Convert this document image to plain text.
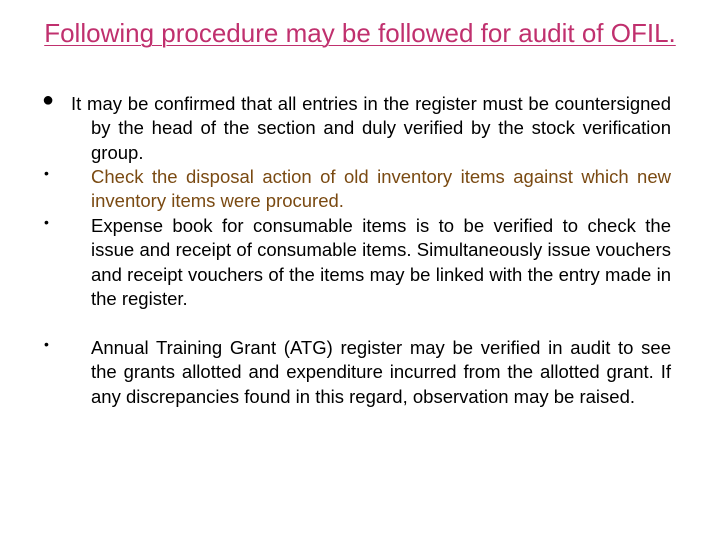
Following procedure may be followed for audit of OFIL.
● It may be confirmed that all entries in the register must be countersigned by the head of the section and duly verified by the stock verification group.
• Check the disposal action of old inventory items against which new inventory items were procured.
• Expense book for consumable items is to be verified to check the issue and receipt of consumable items. Simultaneously issue vouchers and receipt vouchers of the items may be linked with the entry made in the register.
• Annual Training Grant (ATG) register may be verified in audit to see the grants allotted and expenditure incurred from the allotted grant. If any discrepancies found in this regard, observation may be raised.
